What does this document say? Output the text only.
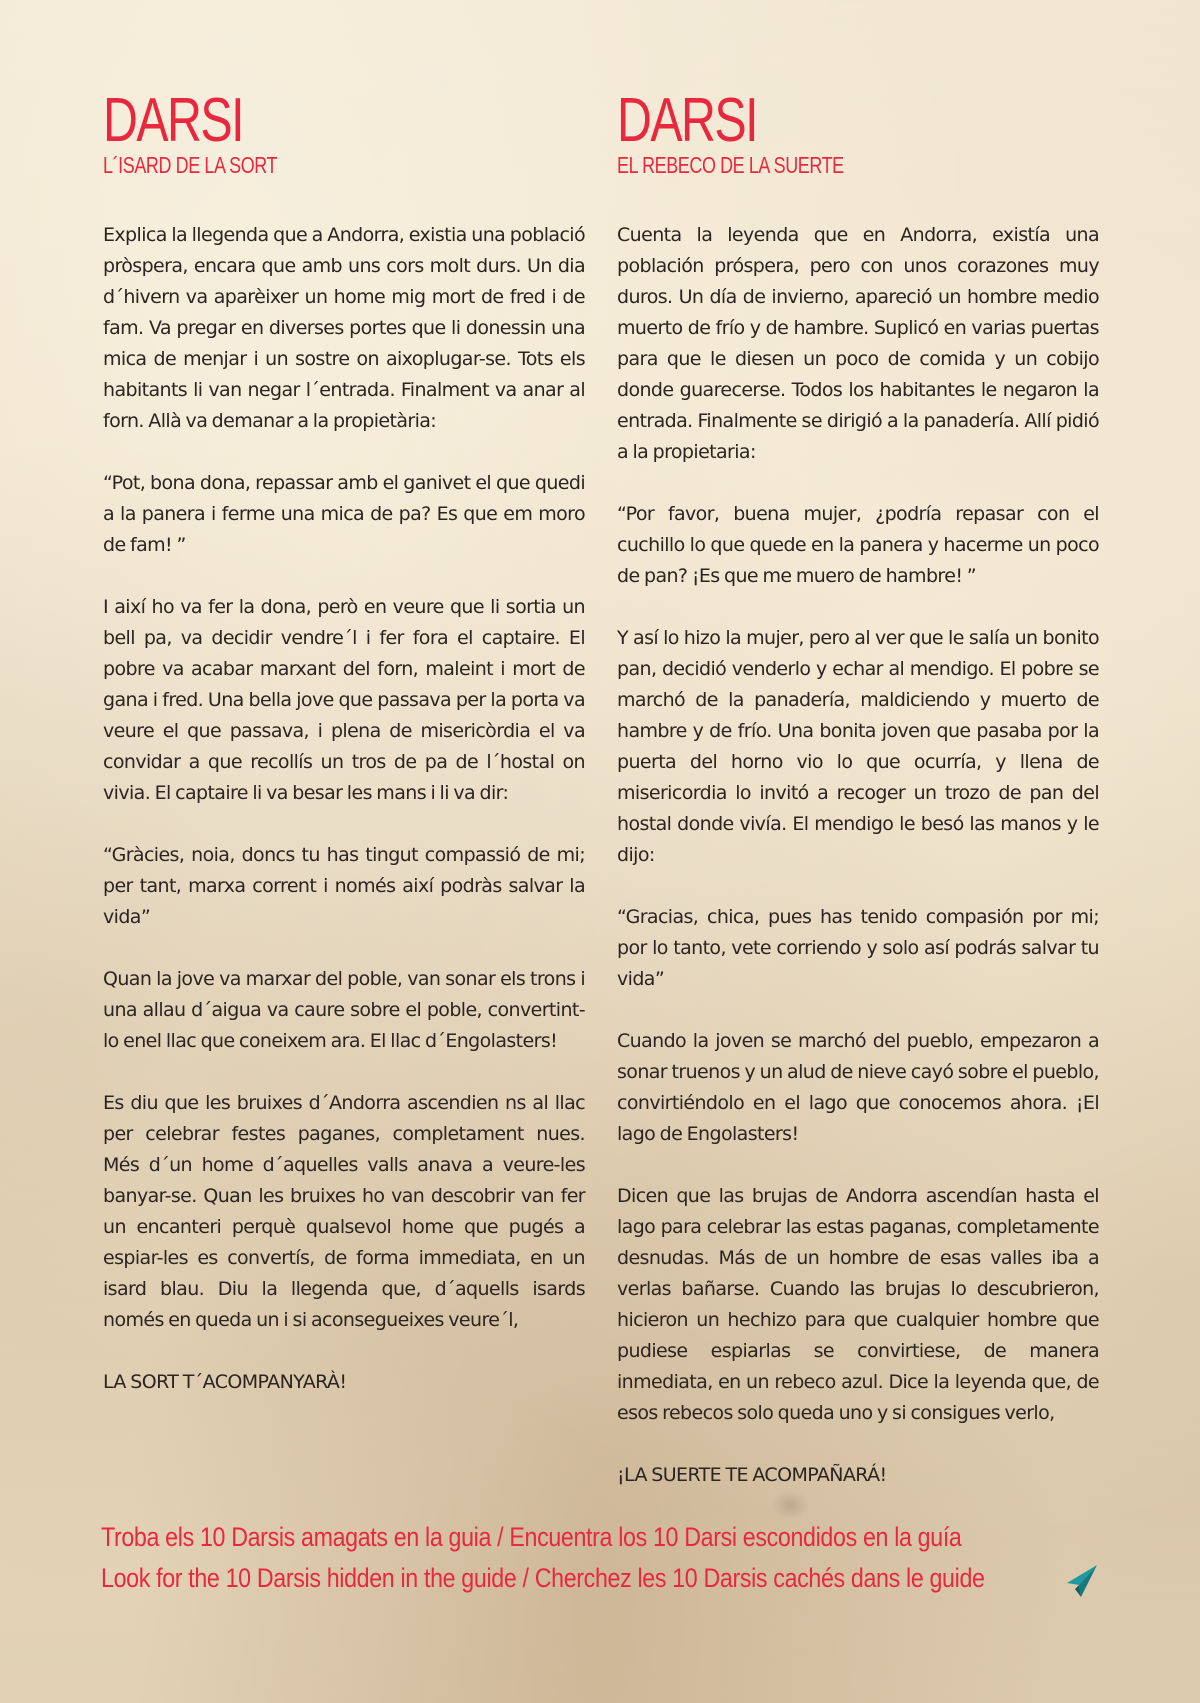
DARSI
L´ISARD DE LA SORT

Explica la llegenda que a Andorra, existia una població pròspera, encara que amb uns cors molt durs. Un dia d´hivern va aparèixer un home mig mort de fred i de fam. Va pregar en diverses portes que li donessin una mica de menjar i un sostre on aixoplugar-se. Tots els habitants li van negar l´entrada. Finalment va anar al forn. Allà va demanar a la propietària:

“Pot, bona dona, repassar amb el ganivet el que quedi a la panera i ferme una mica de pa? Es que em moro de fam! ”

I així ho va fer la dona, però en veure que li sortia un bell pa, va decidir vendre´l i fer fora el captaire. El pobre va acabar marxant del forn, maleint i mort de gana i fred. Una bella jove que passava per la porta va veure el que passava, i plena de misericòrdia el va convidar a que recollís un tros de pa de l´hostal on vivia. El captaire li va besar les mans i li va dir:

“Gràcies, noia, doncs tu has tingut compassió de mi; per tant, marxa corrent i només així podràs salvar la vida”

Quan la jove va marxar del poble, van sonar els trons i una allau d´aigua va caure sobre el poble, convertint-lo enel llac que coneixem ara. El llac d´Engolasters!

Es diu que les bruixes d´Andorra ascendien ns al llac per celebrar festes paganes, completament nues. Més d´un home d´aquelles valls anava a veure-les banyar-se. Quan les bruixes ho van descobrir van fer un encanteri perquè qualsevol home que pugés a espiar-les es convertís, de forma immediata, en un isard blau. Diu la llegenda que, d´aquells isards només en queda un i si aconsegueixes veure´l,

LA SORT T´ACOMPANYARÀ!

DARSI
EL REBECO DE LA SUERTE

Cuenta la leyenda que en Andorra, existía una población próspera, pero con unos corazones muy duros. Un día de invierno, apareció un hombre medio muerto de frío y de hambre. Suplicó en varias puertas para que le diesen un poco de comida y un cobijo donde guarecerse. Todos los habitantes le negaron la entrada. Finalmente se dirigió a la panadería. Allí pidió a la propietaria:

“Por favor, buena mujer, ¿podría repasar con el cuchillo lo que quede en la panera y hacerme un poco de pan? ¡Es que me muero de hambre! ”

Y así lo hizo la mujer, pero al ver que le salía un bonito pan, decidió venderlo y echar al mendigo. El pobre se marchó de la panadería, maldiciendo y muerto de hambre y de frío. Una bonita joven que pasaba por la puerta del horno vio lo que ocurría, y llena de misericordia lo invitó a recoger un trozo de pan del hostal donde vivía. El mendigo le besó las manos y le dijo:

“Gracias, chica, pues has tenido compasión por mi; por lo tanto, vete corriendo y solo así podrás salvar tu vida”

Cuando la joven se marchó del pueblo, empezaron a sonar truenos y un alud de nieve cayó sobre el pueblo, convirtiéndolo en el lago que conocemos ahora. ¡El lago de Engolasters!

Dicen que las brujas de Andorra ascendían hasta el lago para celebrar las estas paganas, completamente desnudas. Más de un hombre de esas valles iba a verlas bañarse. Cuando las brujas lo descubrieron, hicieron un hechizo para que cualquier hombre que pudiese espiarlas se convirtiese, de manera inmediata, en un rebeco azul. Dice la leyenda que, de esos rebecos solo queda uno y si consigues verlo,

¡LA SUERTE TE ACOMPAÑARÁ!

Troba els 10 Darsis amagats en la guia / Encuentra los 10 Darsi escondidos en la guía
Look for the 10 Darsis hidden in the guide / Cherchez les 10 Darsis cachés dans le guide
